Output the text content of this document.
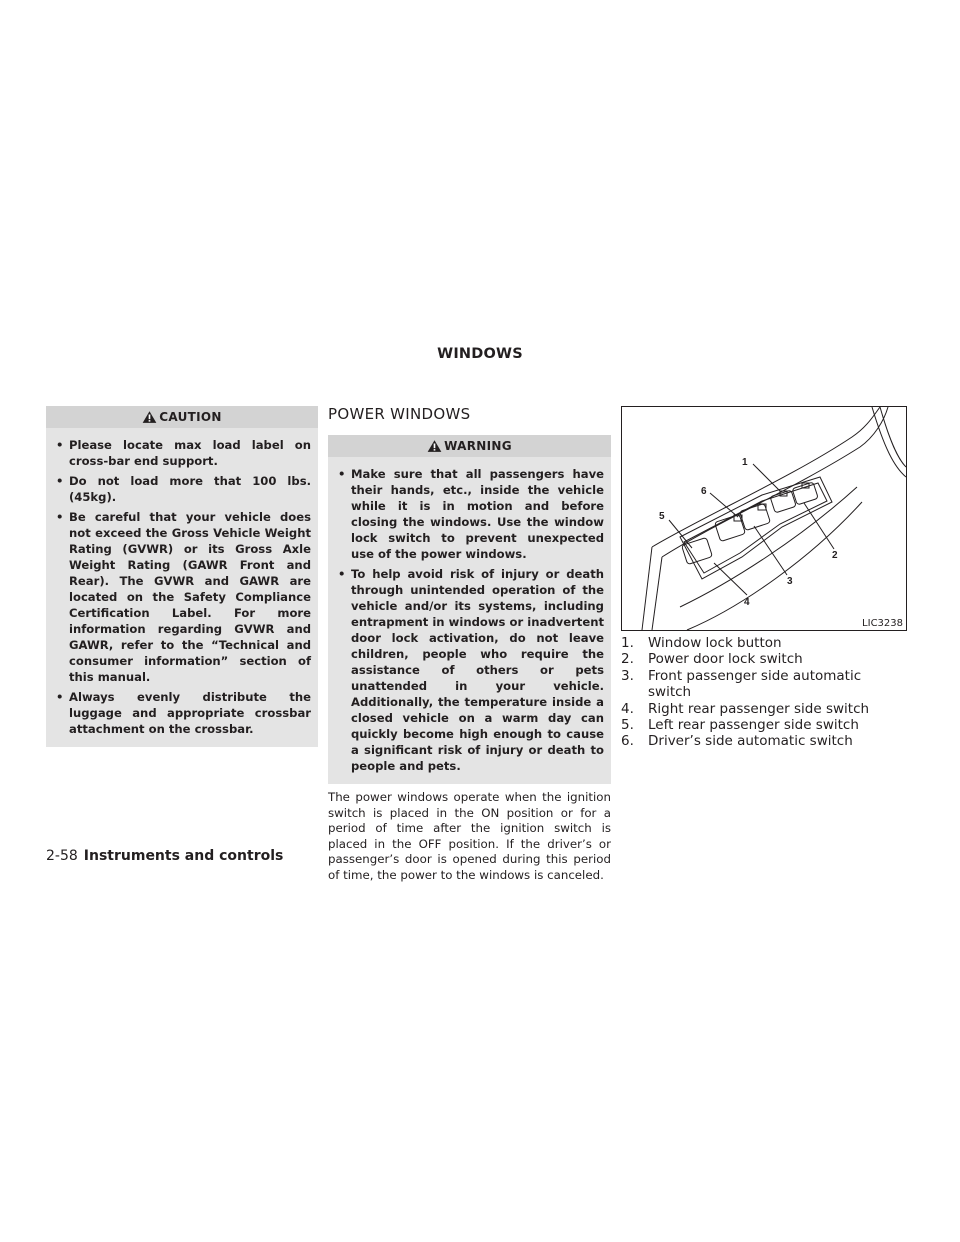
WINDOWS
CAUTION
• Please locate max load label on cross-bar end support.
• Do not load more that 100 lbs. (45kg).
• Be careful that your vehicle does not exceed the Gross Vehicle Weight Rating (GVWR) or its Gross Axle Weight Rating (GAWR Front and Rear). The GVWR and GAWR are located on the Safety Compliance Certification Label. For more information regarding GVWR and GAWR, refer to the “Technical and consumer information” section of this manual.
• Always evenly distribute the luggage and appropriate crossbar attachment on the crossbar.
POWER WINDOWS
WARNING
• Make sure that all passengers have their hands, etc., inside the vehicle while it is in motion and before closing the windows. Use the window lock switch to prevent unexpected use of the power windows.
• To help avoid risk of injury or death through unintended operation of the vehicle and/or its systems, including entrapment in windows or inadvertent door lock activation, do not leave children, people who require the assistance of others or pets unattended in your vehicle. Additionally, the temperature inside a closed vehicle on a warm day can quickly become high enough to cause a significant risk of injury or death to people and pets.

The power windows operate when the ignition switch is placed in the ON position or for a period of time after the ignition switch is placed in the OFF position. If the driver’s or passenger’s door is opened during this period of time, the power to the windows is canceled.

1
2
3
4
5
6
LIC3238
1. Window lock button
2. Power door lock switch
3. Front passenger side automatic switch
4. Right rear passenger side switch
5. Left rear passenger side switch
6. Driver’s side automatic switch
2-58 Instruments and controls
